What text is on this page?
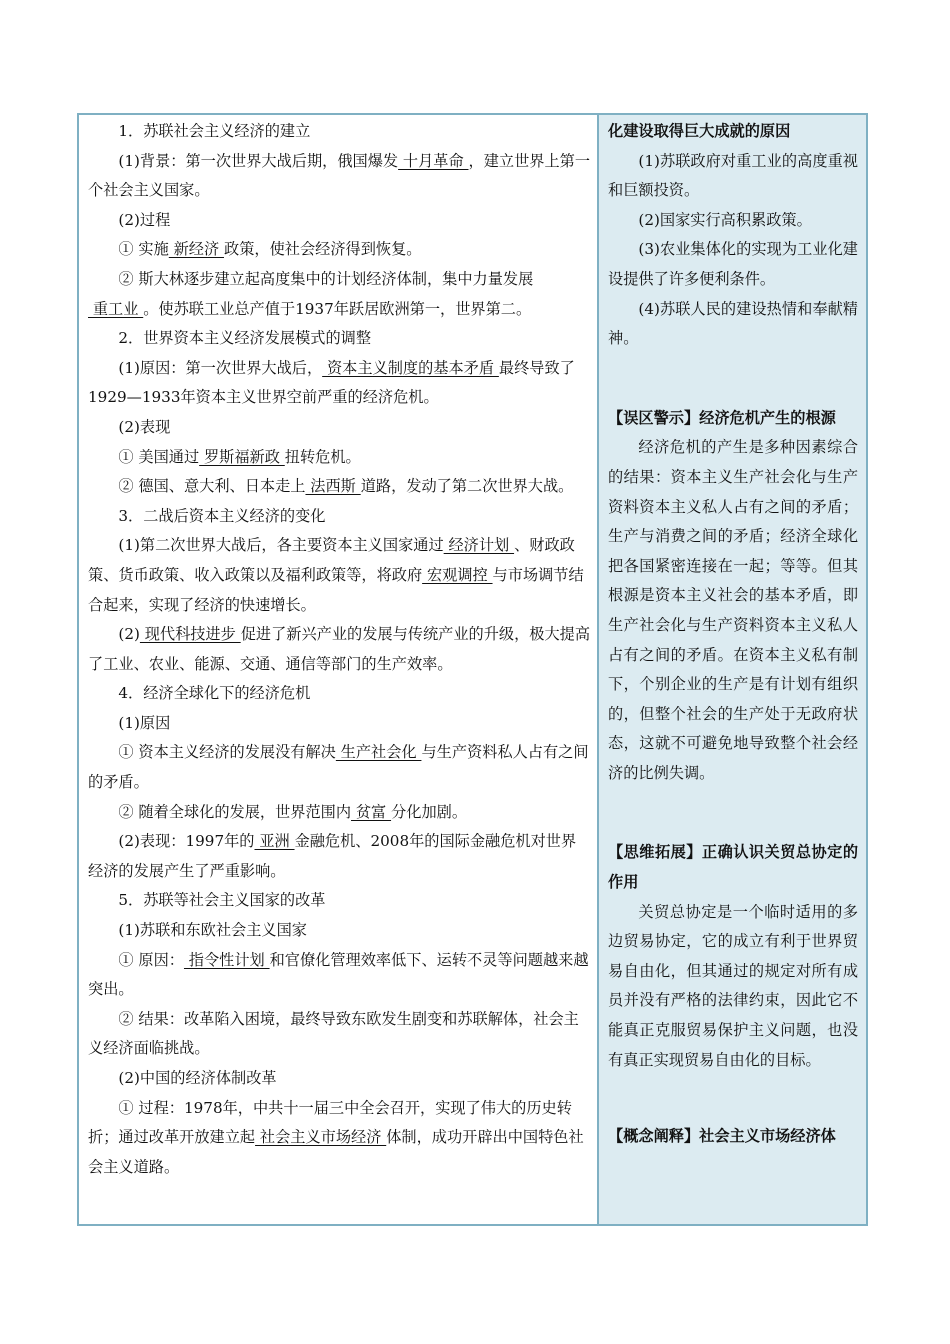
1．苏联社会主义经济的建立

(1)背景：第一次世界大战后期，俄国爆发 十月革命 ，建立世界上第一个社会主义国家。

(2)过程

① 实施 新经济 政策，使社会经济得到恢复。

② 斯大林逐步建立起高度集中的计划经济体制，集中力量发展 重工业 。使苏联工业总产值于1937年跃居欧洲第一，世界第二。

2．世界资本主义经济发展模式的调整

(1)原因：第一次世界大战后， 资本主义制度的基本矛盾 最终导致了1929—1933年资本主义世界空前严重的经济危机。

(2)表现

① 美国通过 罗斯福新政 扭转危机。

② 德国、意大利、日本走上 法西斯 道路，发动了第二次世界大战。

3．二战后资本主义经济的变化

(1)第二次世界大战后，各主要资本主义国家通过 经济计划 、财政政策、货币政策、收入政策以及福利政策等，将政府 宏观调控 与市场调节结合起来，实现了经济的快速增长。

(2) 现代科技进步 促进了新兴产业的发展与传统产业的升级，极大提高了工业、农业、能源、交通、通信等部门的生产效率。

4．经济全球化下的经济危机

(1)原因

① 资本主义经济的发展没有解决 生产社会化 与生产资料私人占有之间的矛盾。

② 随着全球化的发展，世界范围内 贫富 分化加剧。

(2)表现：1997年的 亚洲 金融危机、2008年的国际金融危机对世界经济的发展产生了严重影响。

5．苏联等社会主义国家的改革

(1)苏联和东欧社会主义国家

① 原因： 指令性计划 和官僚化管理效率低下、运转不灵等问题越来越突出。

② 结果：改革陷入困境，最终导致东欧发生剧变和苏联解体，社会主义经济面临挑战。

(2)中国的经济体制改革

① 过程：1978年，中共十一届三中全会召开，实现了伟大的历史转折；通过改革开放建立起 社会主义市场经济 体制，成功开辟出中国特色社会主义道路。

化建设取得巨大成就的原因

(1)苏联政府对重工业的高度重视和巨额投资。

(2)国家实行高积累政策。

(3)农业集体化的实现为工业化建设提供了许多便利条件。

(4)苏联人民的建设热情和奉献精神。

【误区警示】经济危机产生的根源

经济危机的产生是多种因素综合的结果：资本主义生产社会化与生产资料资本主义私人占有之间的矛盾；生产与消费之间的矛盾；经济全球化把各国紧密连接在一起；等等。但其根源是资本主义社会的基本矛盾，即生产社会化与生产资料资本主义私人占有之间的矛盾。在资本主义私有制下，个别企业的生产是有计划有组织的，但整个社会的生产处于无政府状态，这就不可避免地导致整个社会经济的比例失调。

【思维拓展】正确认识关贸总协定的作用

关贸总协定是一个临时适用的多边贸易协定，它的成立有利于世界贸易自由化，但其通过的规定对所有成员并没有严格的法律约束，因此它不能真正克服贸易保护主义问题，也没有真正实现贸易自由化的目标。

【概念阐释】社会主义市场经济体
